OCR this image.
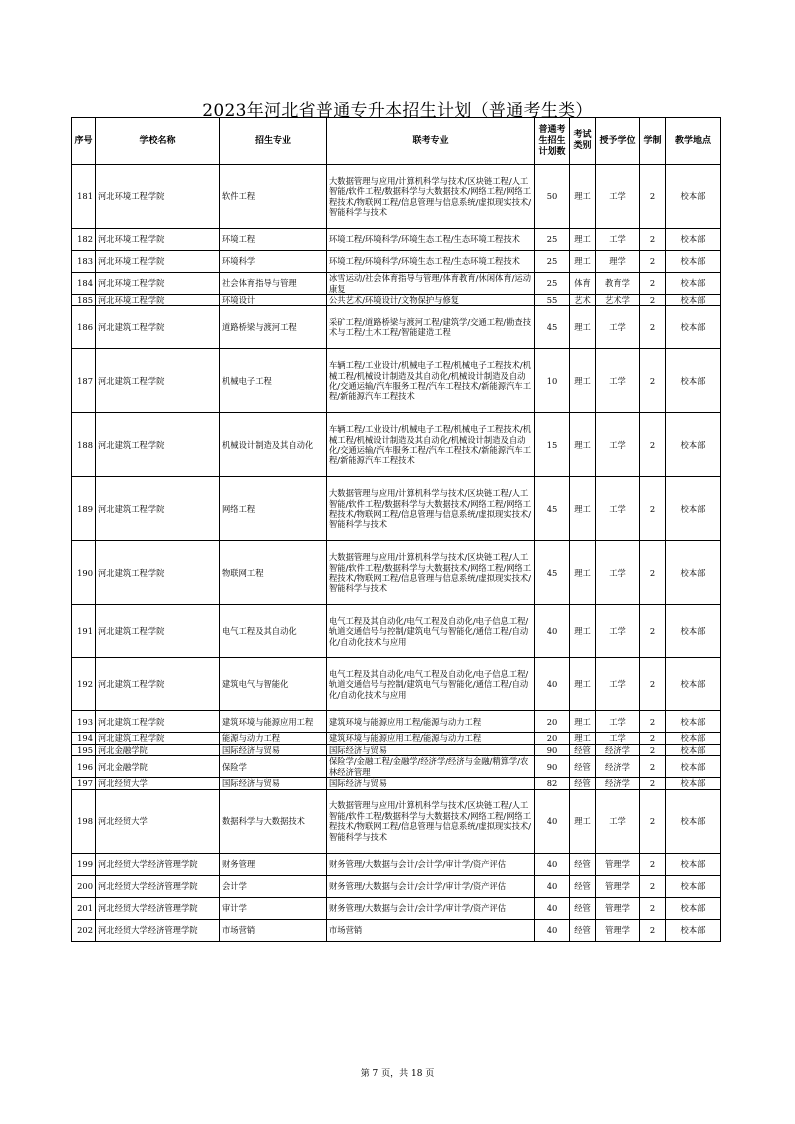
2023年河北省普通专升本招生计划（普通考生类）
序号	学校名称	招生专业	联考专业	普通考生招生计划数	考试类别	授予学位	学制	教学地点
181	河北环境工程学院	软件工程	大数据管理与应用/计算机科学与技术/区块链工程/人工智能/软件工程/数据科学与大数据技术/网络工程/网络工程技术/物联网工程/信息管理与信息系统/虚拟现实技术/智能科学与技术	50	理工	工学	2	校本部
182	河北环境工程学院	环境工程	环境工程/环境科学/环境生态工程/生态环境工程技术	25	理工	工学	2	校本部
183	河北环境工程学院	环境科学	环境工程/环境科学/环境生态工程/生态环境工程技术	25	理工	理学	2	校本部
184	河北环境工程学院	社会体育指导与管理	冰雪运动/社会体育指导与管理/体育教育/休闲体育/运动康复	25	体育	教育学	2	校本部
185	河北环境工程学院	环境设计	公共艺术/环境设计/文物保护与修复	55	艺术	艺术学	2	校本部
186	河北建筑工程学院	道路桥梁与渡河工程	采矿工程/道路桥梁与渡河工程/建筑学/交通工程/勘查技术与工程/土木工程/智能建造工程	45	理工	工学	2	校本部
187	河北建筑工程学院	机械电子工程	车辆工程/工业设计/机械电子工程/机械电子工程技术/机械工程/机械设计制造及其自动化/机械设计制造及自动化/交通运输/汽车服务工程/汽车工程技术/新能源汽车工程/新能源汽车工程技术	10	理工	工学	2	校本部
188	河北建筑工程学院	机械设计制造及其自动化	车辆工程/工业设计/机械电子工程/机械电子工程技术/机械工程/机械设计制造及其自动化/机械设计制造及自动化/交通运输/汽车服务工程/汽车工程技术/新能源汽车工程/新能源汽车工程技术	15	理工	工学	2	校本部
189	河北建筑工程学院	网络工程	大数据管理与应用/计算机科学与技术/区块链工程/人工智能/软件工程/数据科学与大数据技术/网络工程/网络工程技术/物联网工程/信息管理与信息系统/虚拟现实技术/智能科学与技术	45	理工	工学	2	校本部
190	河北建筑工程学院	物联网工程	大数据管理与应用/计算机科学与技术/区块链工程/人工智能/软件工程/数据科学与大数据技术/网络工程/网络工程技术/物联网工程/信息管理与信息系统/虚拟现实技术/智能科学与技术	45	理工	工学	2	校本部
191	河北建筑工程学院	电气工程及其自动化	电气工程及其自动化/电气工程及自动化/电子信息工程/轨道交通信号与控制/建筑电气与智能化/通信工程/自动化/自动化技术与应用	40	理工	工学	2	校本部
192	河北建筑工程学院	建筑电气与智能化	电气工程及其自动化/电气工程及自动化/电子信息工程/轨道交通信号与控制/建筑电气与智能化/通信工程/自动化/自动化技术与应用	40	理工	工学	2	校本部
193	河北建筑工程学院	建筑环境与能源应用工程	建筑环境与能源应用工程/能源与动力工程	20	理工	工学	2	校本部
194	河北建筑工程学院	能源与动力工程	建筑环境与能源应用工程/能源与动力工程	20	理工	工学	2	校本部
195	河北金融学院	国际经济与贸易	国际经济与贸易	90	经管	经济学	2	校本部
196	河北金融学院	保险学	保险学/金融工程/金融学/经济学/经济与金融/精算学/农林经济管理	90	经管	经济学	2	校本部
197	河北经贸大学	国际经济与贸易	国际经济与贸易	82	经管	经济学	2	校本部
198	河北经贸大学	数据科学与大数据技术	大数据管理与应用/计算机科学与技术/区块链工程/人工智能/软件工程/数据科学与大数据技术/网络工程/网络工程技术/物联网工程/信息管理与信息系统/虚拟现实技术/智能科学与技术	40	理工	工学	2	校本部
199	河北经贸大学经济管理学院	财务管理	财务管理/大数据与会计/会计学/审计学/资产评估	40	经管	管理学	2	校本部
200	河北经贸大学经济管理学院	会计学	财务管理/大数据与会计/会计学/审计学/资产评估	40	经管	管理学	2	校本部
201	河北经贸大学经济管理学院	审计学	财务管理/大数据与会计/会计学/审计学/资产评估	40	经管	管理学	2	校本部
202	河北经贸大学经济管理学院	市场营销	市场营销	40	经管	管理学	2	校本部
第 7 页，共 18 页
